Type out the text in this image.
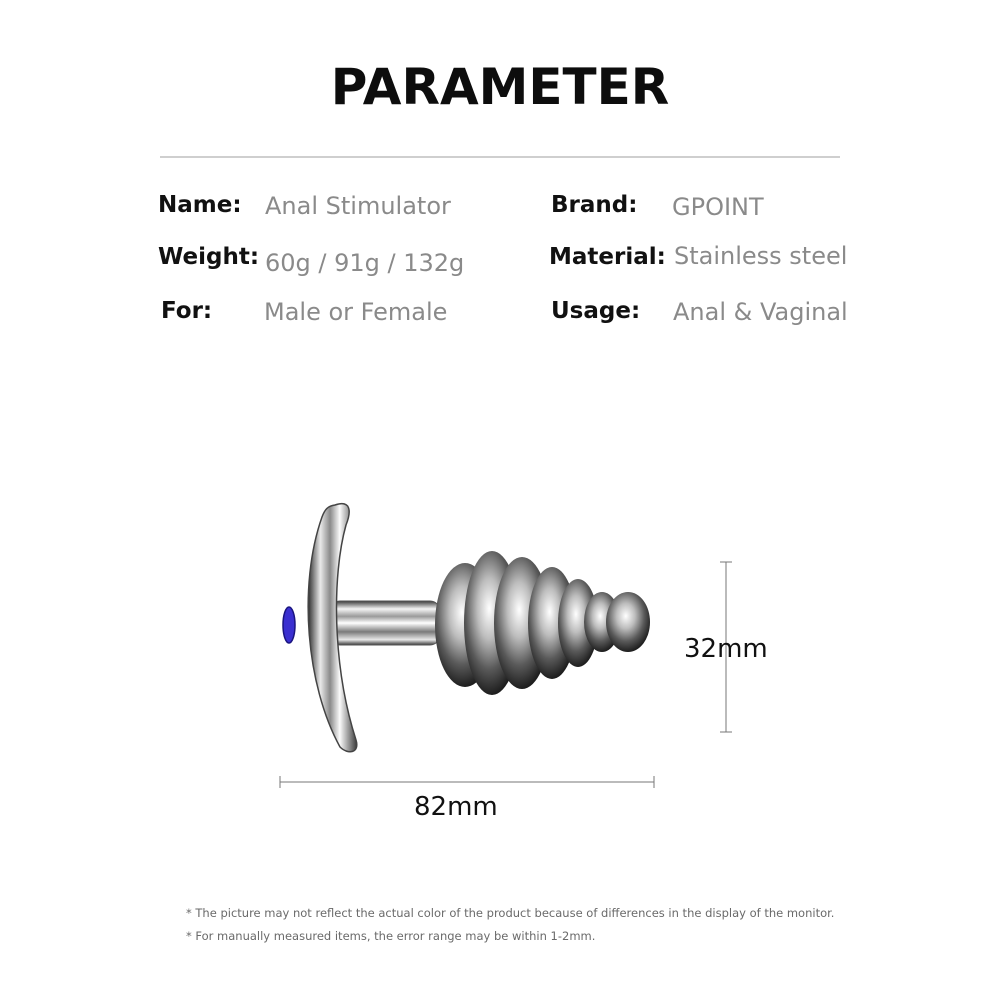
PARAMETER
Name: Anal Stimulator	Brand: GPOINT
Weight: 60g / 91g / 132g	Material: Stainless steel
For: Male or Female	Usage: Anal & Vaginal
32mm
82mm
* The picture may not reflect the actual color of the product because of differences in the display of the monitor.
* For manually measured items, the error range may be within 1-2mm.
